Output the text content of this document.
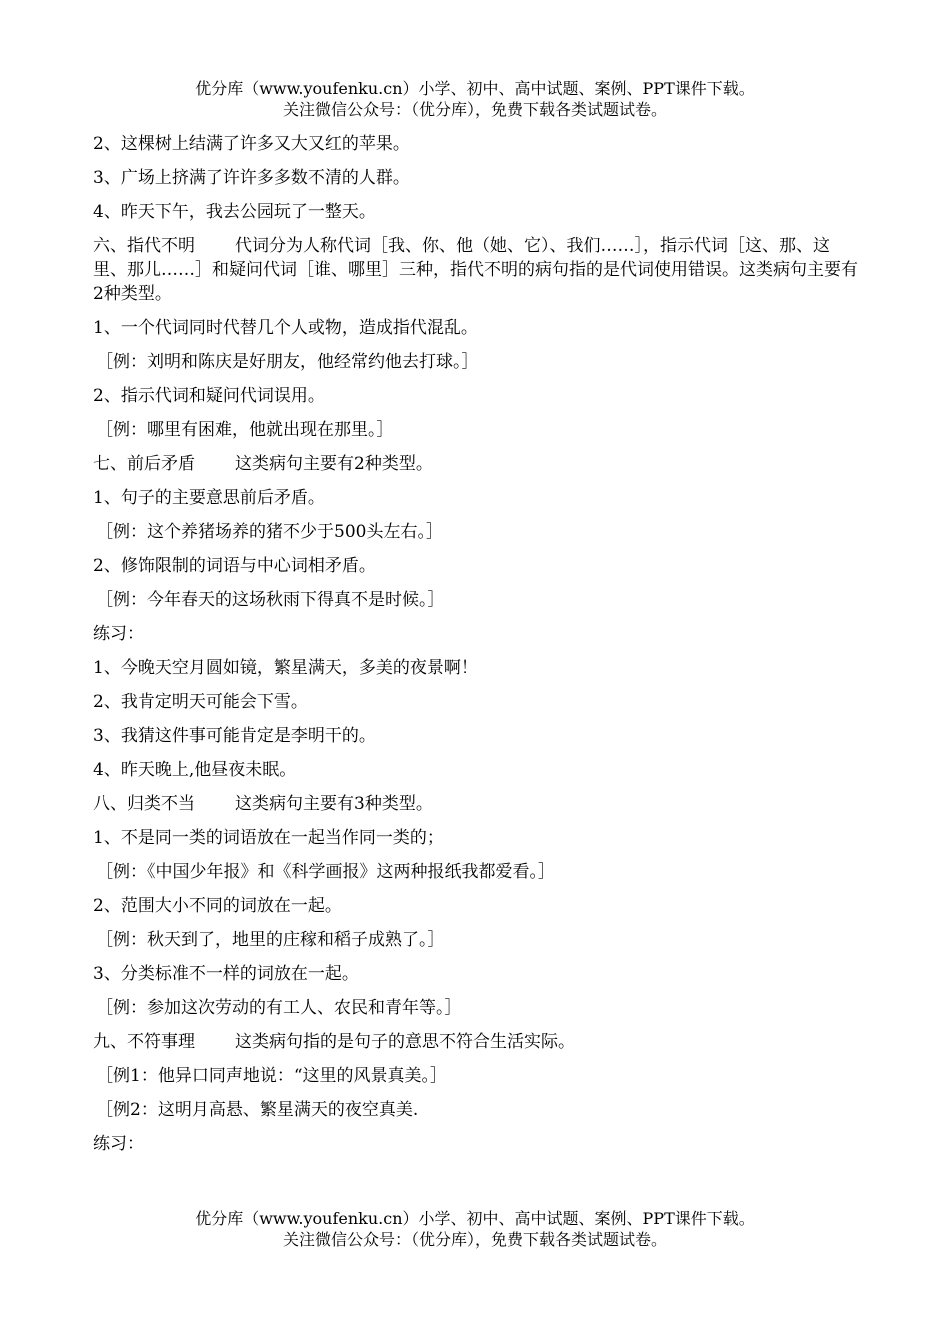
优分库（www.youfenku.cn）小学、初中、高中试题、案例、PPT课件下载。
关注微信公众号：（优分库），免费下载各类试题试卷。

2、这棵树上结满了许多又大又红的苹果。

3、广场上挤满了许许多多数不清的人群。

4、昨天下午，我去公园玩了一整天。

六、指代不明 代词分为人称代词［我、你、他（她、它）、我们……］，指示代词［这、那、这里、那儿……］和疑问代词［谁、哪里］三种，指代不明的病句指的是代词使用错误。这类病句主要有2种类型。

1、一个代词同时代替几个人或物，造成指代混乱。

［例：刘明和陈庆是好朋友，他经常约他去打球。］

2、指示代词和疑问代词误用。

［例：哪里有困难，他就出现在那里。］

七、前后矛盾 这类病句主要有2种类型。

1、句子的主要意思前后矛盾。

［例：这个养猪场养的猪不少于500头左右。］

2、修饰限制的词语与中心词相矛盾。

［例：今年春天的这场秋雨下得真不是时候。］

练习：

1、今晚天空月圆如镜，繁星满天，多美的夜景啊！

2、我肯定明天可能会下雪。

3、我猜这件事可能肯定是李明干的。

4、昨天晚上,他昼夜未眠。

八、归类不当 这类病句主要有3种类型。

1、不是同一类的词语放在一起当作同一类的；

［例：《中国少年报》和《科学画报》这两种报纸我都爱看。］

2、范围大小不同的词放在一起。

［例：秋天到了，地里的庄稼和稻子成熟了。］

3、分类标准不一样的词放在一起。

［例：参加这次劳动的有工人、农民和青年等。］

九、不符事理 这类病句指的是句子的意思不符合生活实际。

［例1：他异口同声地说：“这里的风景真美。］

［例2：这明月高悬、繁星满天的夜空真美.

练习：

优分库（www.youfenku.cn）小学、初中、高中试题、案例、PPT课件下载。
关注微信公众号：（优分库），免费下载各类试题试卷。
